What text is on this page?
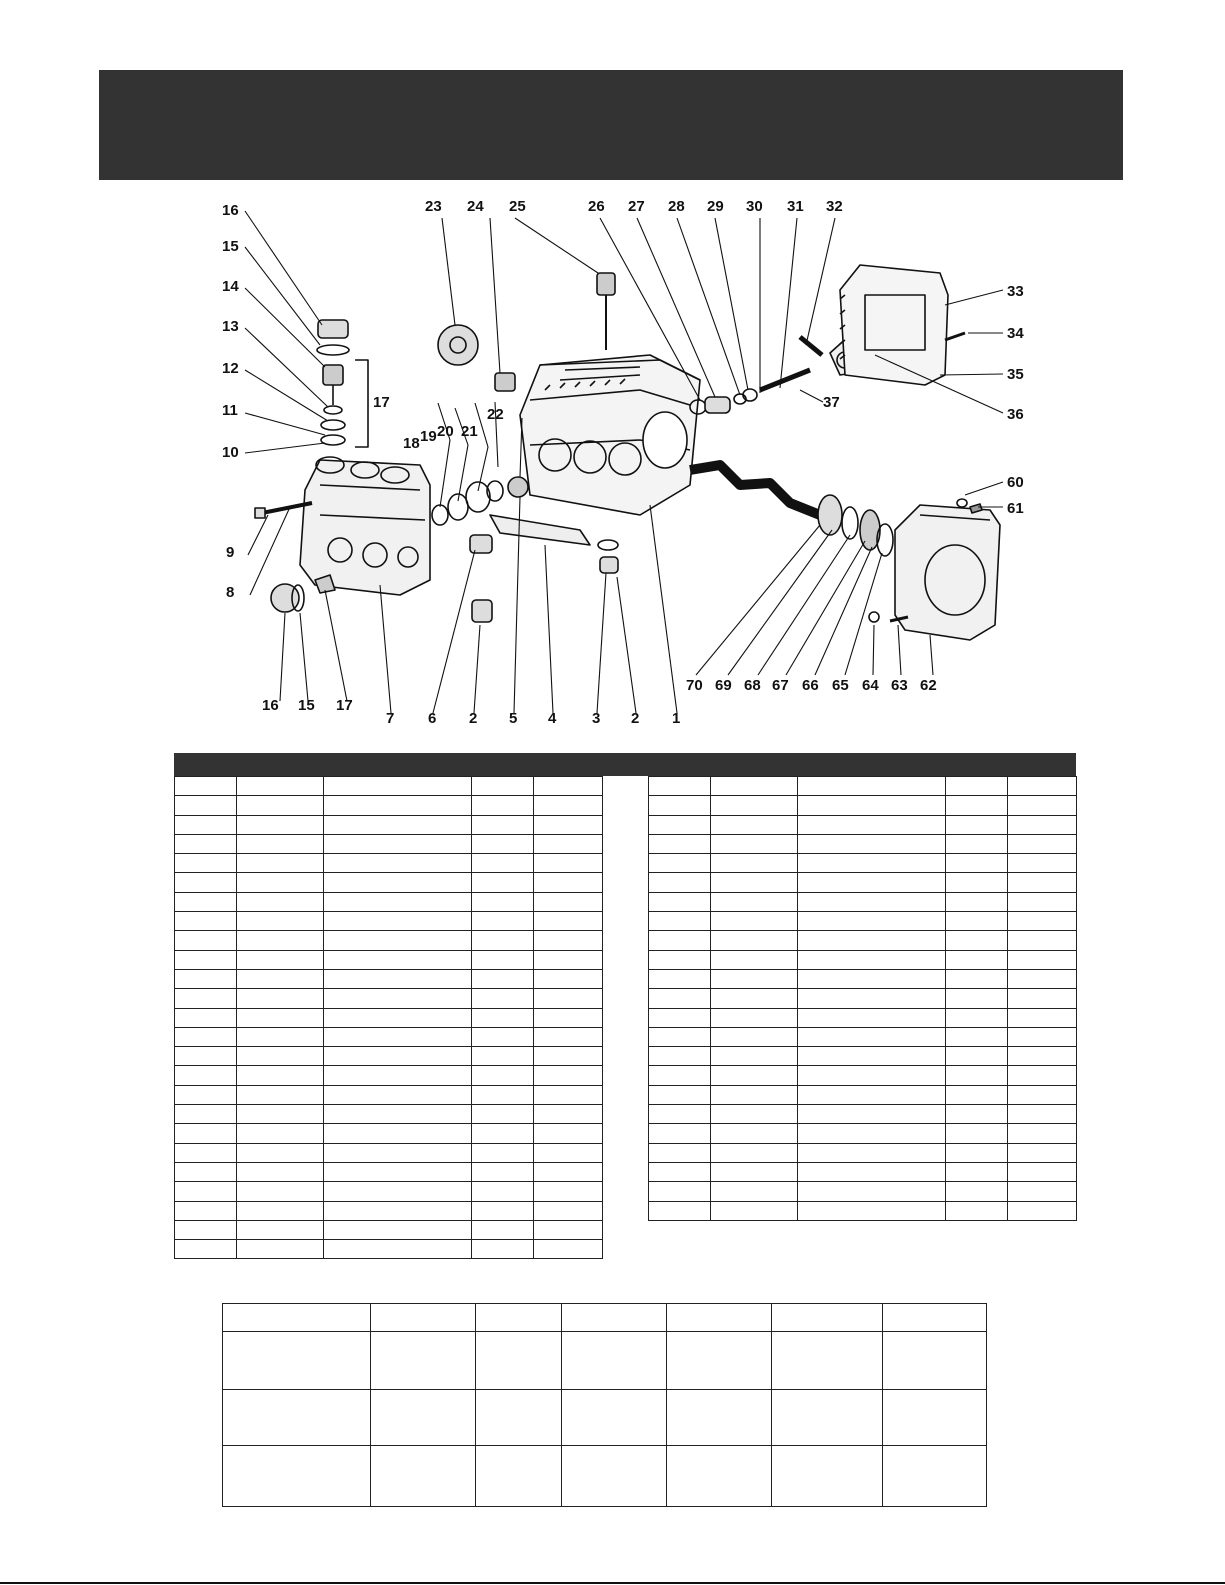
16
15
14
13
12
11
10
17
9
8
18 19 20 21
22
23 24 25	26 27 28 29 30 31 32
33
34
35
36
37
60
61
70 69 68 67 66 65 64 63 62
16 15 17
7 6 2 5 4 3 2 1
